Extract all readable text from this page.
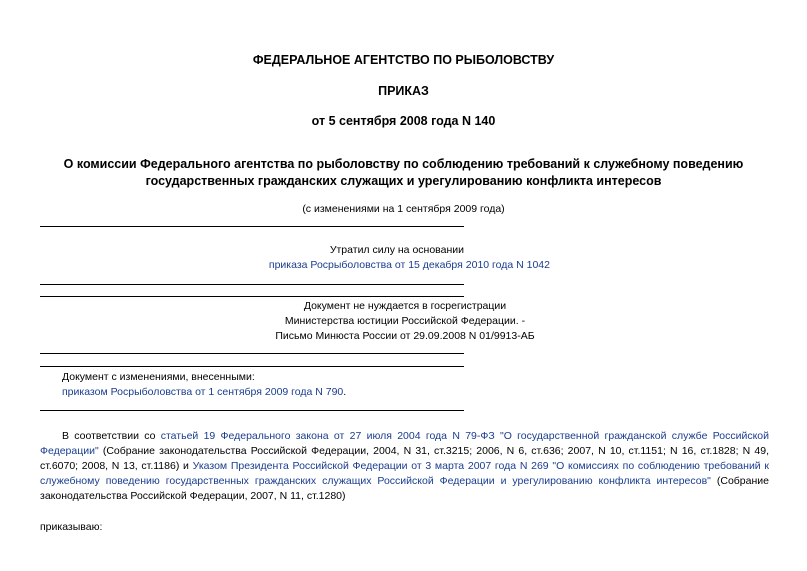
ФЕДЕРАЛЬНОЕ АГЕНТСТВО ПО РЫБОЛОВСТВУ
ПРИКАЗ
от 5 сентября 2008 года N 140
О комиссии Федерального агентства по рыболовству по соблюдению требований к служебному поведению государственных гражданских служащих и урегулированию конфликта интересов
(с изменениями на 1 сентября 2009 года)
Утратил силу на основании
приказа Росрыболовства от 15 декабря 2010 года N 1042
Документ не нуждается в госрегистрации
Министерства юстиции Российской Федерации. -
Письмо Минюста России от 29.09.2008 N 01/9913-АБ
Документ с изменениями, внесенными:
приказом Росрыболовства от 1 сентября 2009 года N 790.
В соответствии со статьей 19 Федерального закона от 27 июля 2004 года N 79-ФЗ "О государственной гражданской службе Российской Федерации" (Собрание законодательства Российской Федерации, 2004, N 31, ст.3215; 2006, N 6, ст.636; 2007, N 10, ст.1151; N 16, ст.1828; N 49, ст.6070; 2008, N 13, ст.1186) и Указом Президента Российской Федерации от 3 марта 2007 года N 269 "О комиссиях по соблюдению требований к служебному поведению государственных гражданских служащих Российской Федерации и урегулированию конфликта интересов" (Собрание законодательства Российской Федерации, 2007, N 11, ст.1280)
приказываю:
